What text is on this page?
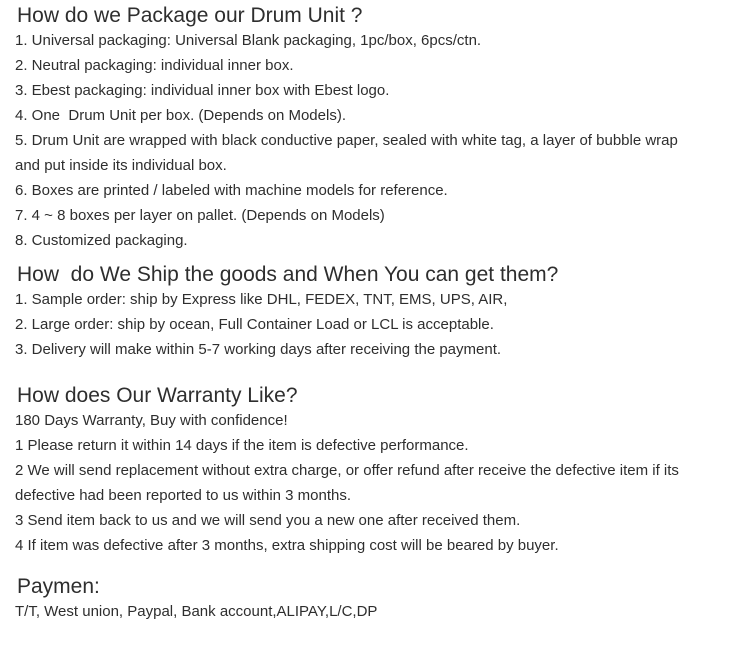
How do we Package our Drum Unit ?
1. Universal packaging: Universal Blank packaging, 1pc/box, 6pcs/ctn.
2. Neutral packaging: individual inner box.
3. Ebest packaging: individual inner box with Ebest logo.
4. One  Drum Unit per box. (Depends on Models).
5. Drum Unit are wrapped with black conductive paper, sealed with white tag, a layer of bubble wrap
and put inside its individual box.
6. Boxes are printed / labeled with machine models for reference.
7. 4 ~ 8 boxes per layer on pallet. (Depends on Models)
8. Customized packaging.
How  do We Ship the goods and When You can get them?
1. Sample order: ship by Express like DHL, FEDEX, TNT, EMS, UPS, AIR,
2. Large order: ship by ocean, Full Container Load or LCL is acceptable.
3. Delivery will make within 5-7 working days after receiving the payment.
How does Our Warranty Like?
180 Days Warranty, Buy with confidence!
1 Please return it within 14 days if the item is defective performance.
2 We will send replacement without extra charge, or offer refund after receive the defective item if its
defective had been reported to us within 3 months.
3 Send item back to us and we will send you a new one after received them.
4 If item was defective after 3 months, extra shipping cost will be beared by buyer.
Paymen:
T/T, West union, Paypal, Bank account,ALIPAY,L/C,DP
